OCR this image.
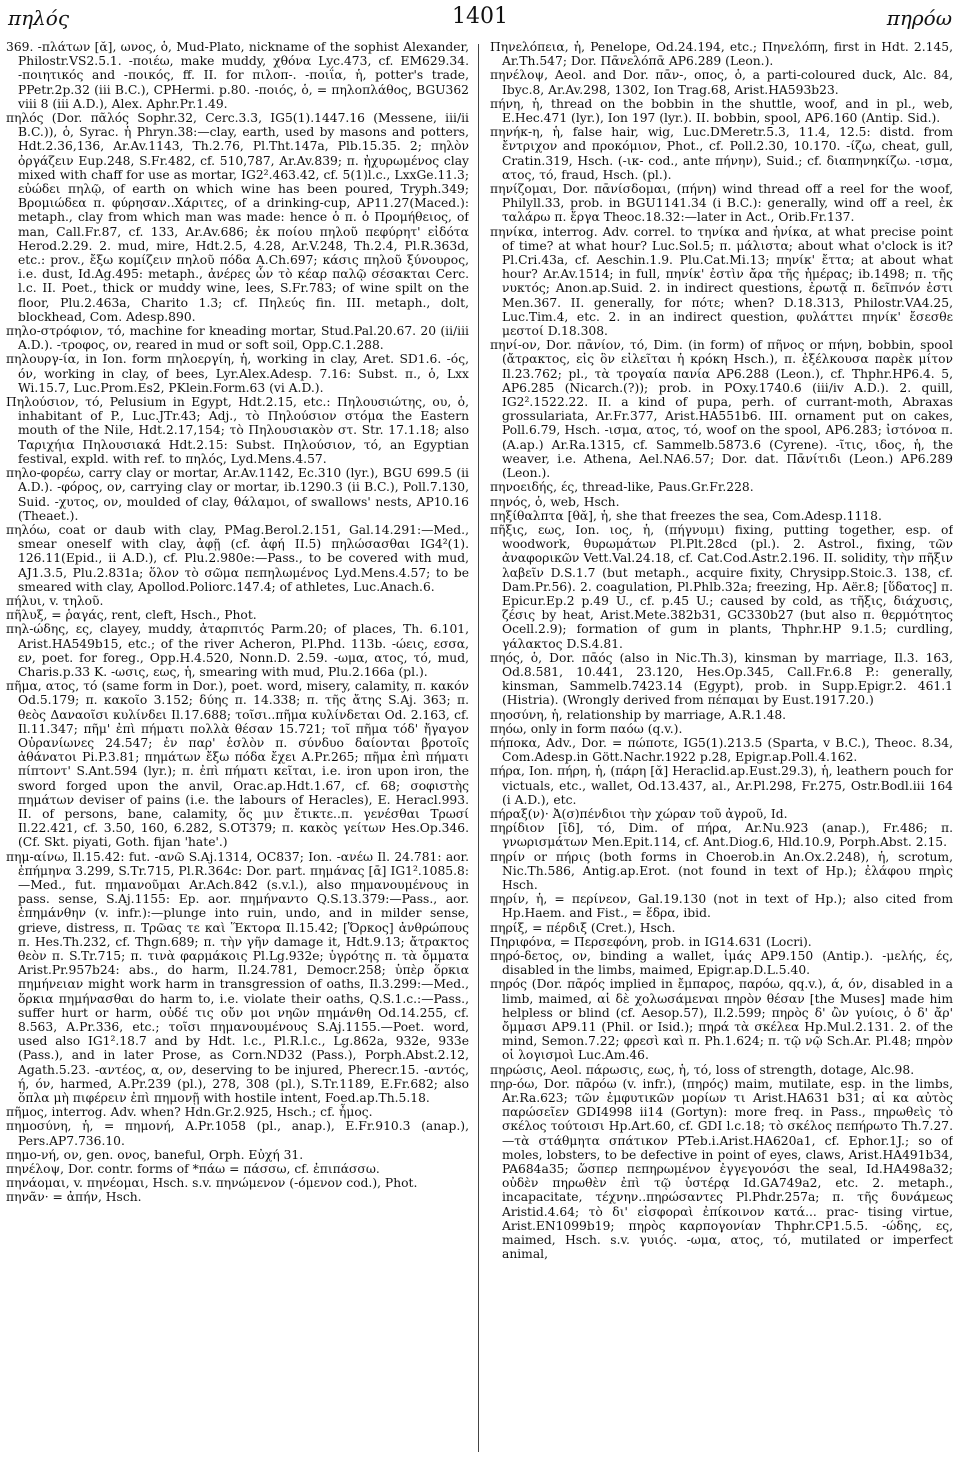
πηλός	1401	πηρόω

369. -πλάτων [ᾰ], ωνος, ὁ, Mud-Plato, nickname of the sophist Alexander, Philostr.VS2.5.1. -ποιέω, make muddy, χθόνα Lyc.473, cf. EM629.34. -ποιητικός and -ποικός, ff. II. for πιλοπ-. -ποιΐα, ἡ, potter's trade, PPetr.2p.32 (iii B.C.), CPHermi. p.80. -ποιός, ὁ, = πηλοπλάθος, BGU362 viii 8 (iii A.D.), Alex. Aphr.Pr.1.49.

πηλός (Dor. πᾶλός Sophr.32, Cerc.3.3, IG5(1).1447.16 (Messene, iii/ii B.C.)), ὁ, Syrac. ἡ Phryn.38:—clay, earth, used by masons and potters, Hdt.2.36,136, Ar.Av.1143, Th.2.76, Pl.Tht.147a, Plb.15.35. 2; πηλὸν ὀργάζειν Eup.248, S.Fr.482, cf. 510,787, Ar.Av.839; π. ἠχυρωμένος clay mixed with chaff for use as mortar, IG2².463.42, cf. 5(1)l.c., LxxGe.11.3; εὐώδει πηλῷ, of earth on which wine has been poured, Tryph.349; Βρομιώδεα π. φύρησαν..Χάριτες, of a drinking-cup, AP11.27(Maced.): metaph., clay from which man was made: hence ὁ π. ὁ Προμήθειος, of man, Call.Fr.87, cf. 133, Ar.Av.686; ἐκ ποίου πηλοῦ πεφύρητ' εἰδότα Herod.2.29. 2. mud, mire, Hdt.2.5, 4.28, Ar.V.248, Th.2.4, Pl.R.363d, etc.: prov., ἔξω κομίζειν πηλοῦ πόδα A.Ch.697; κάσις πηλοῦ ξύνουρος, i.e. dust, Id.Ag.495: metaph., ἀνέρες ὧν τὸ κέαρ παλῷ σέσακται Cerc. l.c. II. Poet., thick or muddy wine, lees, S.Fr.783; of wine spilt on the floor, Plu.2.463a, Charito 1.3; cf. Πηλεύς fin. III. metaph., dolt, blockhead, Com. Adesp.890.

πηλο-στρόφιον, τό, machine for kneading mortar, Stud.Pal.20.67. 20 (ii/iii A.D.). -τροφος, ον, reared in mud or soft soil, Opp.C.1.288.

πηλουργ-ία, in Ion. form πηλοεργίη, ἡ, working in clay, Aret. SD1.6. -ός, όν, working in clay, of bees, Lyr.Alex.Adesp. 7.16: Subst. π., ὁ, Lxx Wi.15.7, Luc.Prom.Es2, PKlein.Form.63 (vi A.D.).

Πηλούσιον, τό, Pelusium in Egypt, Hdt.2.15, etc.: Πηλουσιώτης, ου, ὁ, inhabitant of P., Luc.JTr.43; Adj., τὸ Πηλούσιον στόμα the Eastern mouth of the Nile, Hdt.2.17,154; τὸ Πηλουσιακὸν στ. Str. 17.1.18; also Ταριχήια Πηλουσιακά Hdt.2.15: Subst. Πηλούσιον, τό, an Egyptian festival, expld. with ref. to πηλός, Lyd.Mens.4.57.

πηλο-φορέω, carry clay or mortar, Ar.Av.1142, Ec.310 (lyr.), BGU 699.5 (ii A.D.). -φόρος, ον, carrying clay or mortar, ib.1290.3 (ii B.C.), Poll.7.130, Suid. -χυτος, ον, moulded of clay, θάλαμοι, of swallows' nests, AP10.16 (Theaet.).

πηλόω, coat or daub with clay, PMag.Berol.2.151, Gal.14.291:—Med., smear oneself with clay, ἀφῇ (cf. ἀφή II.5) πηλώσασθαι IG4²(1). 126.11(Epid., ii A.D.), cf. Plu.2.980e:—Pass., to be covered with mud, AJ1.3.5, Plu.2.831a; ὅλον τὸ σῶμα πεπηλωμένος Lyd.Mens.4.57; to be smeared with clay, Apollod.Poliorc.147.4; of athletes, Luc.Anach.6.

πήλυι, v. τηλοῦ.

πῆλυξ, = ῥαγάς, rent, cleft, Hsch., Phot.

πηλ-ώδης, ες, clayey, muddy, ἀταρπιτός Parm.20; of places, Th. 6.101, Arist.HA549b15, etc.; of the river Acheron, Pl.Phd. 113b. -ώεις, εσσα, εν, poet. for foreg., Opp.H.4.520, Nonn.D. 2.59. -ωμα, ατος, τό, mud, Charis.p.33 K. -ωσις, εως, ἡ, smearing with mud, Plu.2.166a (pl.).

πῆμα, ατος, τό (same form in Dor.), poet. word, misery, calamity, π. κακόν Od.5.179; π. κακοῖο 3.152; δύης π. 14.338; π. τῆς ἄτης S.Aj. 363; π. θεὸς Δαναοῖσι κυλίνδει Il.17.688; τοῖσι..πῆμα κυλίνδεται Od. 2.163, cf. Il.11.347; πῆμ' ἐπὶ πήματι πολλὰ θέσαν 15.721; τοῖ πῆμα τόδ' ἤγαγον Οὐρανίωνες 24.547; ἐν παρ' ἑσλὸν π. σύνδυο δαίονται βροτοῖς ἀθάνατοι Pi.P.3.81; πημάτων ἔξω πόδα ἔχει A.Pr.265; πῆμα ἐπὶ πήματι πίπτοντ' S.Ant.594 (lyr.); π. ἐπὶ πήματι κεῖται, i.e. iron upon iron, the sword forged upon the anvil, Orac.ap.Hdt.1.67, cf. 68; σοφιστὴς πημάτων deviser of pains (i.e. the labours of Heracles), E. Heracl.993. II. of persons, bane, calamity, ὅς μιν ἔτικτε..π. γενέσθαι Τρωσί Il.22.421, cf. 3.50, 160, 6.282, S.OT379; π. κακὸς γείτων Hes.Op.346. (Cf. Skt. piyati, Goth. fijan 'hate'.)

πημ-αίνω, Il.15.42: fut. -ανῶ S.Aj.1314, OC837; Ion. -ανέω Il. 24.781: aor. ἐπήμηνα 3.299, S.Tr.715, Pl.R.364c: Dor. part. πημάνας [ᾱ] IG1².1085.8:—Med., fut. πημανοῦμαι Ar.Ach.842 (s.v.l.), also πημανουμένους in pass. sense, S.Aj.1155: Ep. aor. πημήναντο Q.S.13.379:—Pass., aor. ἐπημάνθην (v. infr.):—plunge into ruin, undo, and in milder sense, grieve, distress, π. Τρῶας τε καὶ Ἕκτορα Il.15.42; [Ὅρκος] ἀνθρώπους π. Hes.Th.232, cf. Thgn.689; π. τὴν γῆν damage it, Hdt.9.13; ἄτρακτος θεὸν π. S.Tr.715; π. τινὰ φαρμάκοις Pl.Lg.932e; ὑγρότης π. τὰ ὄμματα Arist.Pr.957b24: abs., do harm, Il.24.781, Democr.258; ὑπὲρ ὅρκια πημήνειαν might work harm in transgression of oaths, Il.3.299:—Med., ὅρκια πημήνασθαι do harm to, i.e. violate their oaths, Q.S.1.c.:—Pass., suffer hurt or harm, οὐδέ τις οὔν μοι νηῶν πημάνθη Od.14.255, cf. 8.563, A.Pr.336, etc.; τοῖσι πημανουμένους S.Aj.1155.—Poet. word, used also IG1².18.7 and by Hdt. l.c., Pl.R.l.c., Lg.862a, 932e, 933e (Pass.), and in later Prose, as Corn.ND32 (Pass.), Porph.Abst.2.12, Agath.5.23. -αντέος, α, ον, deserving to be injured, Pherecr.15. -αντός, ή, όν, harmed, A.Pr.239 (pl.), 278, 308 (pl.), S.Tr.1189, E.Fr.682; also ὅπλα μὴ πιφέρειν ἐπὶ πημονῇ with hostile intent, Foed.ap.Th.5.18.

πῆμος, interrog. Adv. when? Hdn.Gr.2.925, Hsch.; cf. ἦμος.

πημοσύνη, ἡ, = πημονή, A.Pr.1058 (pl., anap.), E.Fr.910.3 (anap.), Pers.AP7.736.10.

πημο-νή, ον, gen. ονος, baneful, Orph. Εὐχή 31.

πηνέλοψ, Dor. contr. forms of *πάω = πάσσω, cf. ἐπιπάσσω.

πηνάομαι, v. πηνέομαι, Hsch. s.v. πηνώμενον (-όμενον cod.), Phot.

πηνᾶν· = ἀπήν, Hsch.

Πηνελόπεια, ἡ, Penelope, Od.24.194, etc.; Πηνελόπη, first in Hdt. 2.145, Ar.Th.547; Dor. Πᾱνελόπᾱ AP6.289 (Leon.).

πηνέλοψ, Aeol. and Dor. πᾱν-, οπος, ὁ, a parti-coloured duck, Alc. 84, Ibyc.8, Ar.Av.298, 1302, Ion Trag.68, Arist.HA593b23.

πήνη, ἡ, thread on the bobbin in the shuttle, woof, and in pl., web, E.Hec.471 (lyr.), Ion 197 (lyr.). II. bobbin, spool, AP6.160 (Antip. Sid.).

πηνήκ-η, ἡ, false hair, wig, Luc.DMeretr.5.3, 11.4, 12.5: distd. from ἔντριχον and προκόμιον, Phot., cf. Poll.2.30, 10.170. -ίζω, cheat, gull, Cratin.319, Hsch. (-ικ- cod., ante πήνην), Suid.; cf. διαπηνηκίζω. -ισμα, ατος, τό, fraud, Hsch. (pl.).

πηνίζομαι, Dor. πᾱνίσδομαι, (πήνη) wind thread off a reel for the woof, Philyll.33, prob. in BGU1141.34 (i B.C.): generally, wind off a reel, ἐκ ταλάρω π. ἔργα Theoc.18.32:—later in Act., Orib.Fr.137.

πηνίκα, interrog. Adv. correl. to τηνίκα and ἡνίκα, at what precise point of time? at what hour? Luc.Sol.5; π. μάλιστα; about what o'clock is it? Pl.Cri.43a, cf. Aeschin.1.9. Plu.Cat.Mi.13; πηνίκ' ἔττα; at about what hour? Ar.Av.1514; in full, πηνίκ' ἐστὶν ἄρα τῆς ἡμέρας; ib.1498; π. τῆς νυκτός; Anon.ap.Suid. 2. in indirect questions, ἐρωτᾷ π. δεῖπνόν ἐστι Men.367. II. generally, for πότε; when? D.18.313, Philostr.VA4.25, Luc.Tim.4, etc. 2. in an indirect question, φυλάττει πηνίκ' ἔσεσθε μεστοί D.18.308.

πηνί-ον, Dor. πᾱνίον, τό, Dim. (in form) of πῆνος or πήνη, bobbin, spool (ἄτρακτος, εἰς ὃν εἰλεῖται ἡ κρόκη Hsch.), π. ἐξέλκουσα παρὲκ μίτον Il.23.762; pl., τὰ τρογαία πανία AP6.288 (Leon.), cf. Thphr.HP6.4. 5, AP6.285 (Nicarch.(?)); prob. in POxy.1740.6 (iii/iv A.D.). 2. quill, IG2².1522.22. II. a kind of pupa, perh. of currant-moth, Abraxas grossulariata, Ar.Fr.377, Arist.HA551b6. III. ornament put on cakes, Poll.6.79, Hsch. -ισμα, ατος, τό, woof on the spool, AP6.283; ἰστόνοα π. (A.ap.) Ar.Ra.1315, cf. Sammelb.5873.6 (Cyrene). -ῖτις, ιδος, ἡ, the weaver, i.e. Athena, Ael.NA6.57; Dor. dat. Πᾱνίτιδι (Leon.) AP6.289 (Leon.).

πηνοειδής, ές, thread-like, Paus.Gr.Fr.228.

πηνός, ὁ, web, Hsch.

πηξίθαλπτα [θᾰ], ἡ, she that freezes the sea, Com.Adesp.1118.

πῆξις, εως, Ion. ιος, ἡ, (πήγνυμι) fixing, putting together, esp. of woodwork, θυρωμάτων Pl.Plt.28cd (pl.). 2. Astrol., fixing, τῶν ἀναφορικῶν Vett.Val.24.18, cf. Cat.Cod.Astr.2.196. II. solidity, τὴν πῆξιν λαβεῖν D.S.1.7 (but metaph., acquire fixity, Chrysipp.Stoic.3. 138, cf. Dam.Pr.56). 2. coagulation, Pl.Phlb.32a; freezing, Hp. Aër.8; [ὕδατος] π. Epicur.Ep.2 p.49 U., cf. p.45 U.; caused by cold, as τῆξις, διάχυσις, ζέσις by heat, Arist.Mete.382b31, GC330b27 (but also π. θερμότητος Ocell.2.9); formation of gum in plants, Thphr.HP 9.1.5; curdling, γάλακτος D.S.4.81.

πηός, ὁ, Dor. πᾱός (also in Nic.Th.3), kinsman by marriage, Il.3. 163, Od.8.581, 10.441, 23.120, Hes.Op.345, Call.Fr.6.8 P.: generally, kinsman, Sammelb.7423.14 (Egypt), prob. in Supp.Epigr.2. 461.1 (Histria). (Wrongly derived from πέπαμαι by Eust.1917.20.)

πηοσύνη, ἡ, relationship by marriage, A.R.1.48.

πηόω, only in form παόω (q.v.).

πήποκα, Adv., Dor. = πώποτε, IG5(1).213.5 (Sparta, v B.C.), Theoc. 8.34, Com.Adesp.in Gött.Nachr.1922 p.28, Epigr.ap.Poll.4.162.

πήρα, Ion. πήρη, ἡ, (πάρη [ᾰ] Heraclid.ap.Eust.29.3), ἡ, leathern pouch for victuals, etc., wallet, Od.13.437, al., Ar.Pl.298, Fr.275, Ostr.Bodl.iii 164 (i A.D.), etc.

πήραξ(ν)· Ἀ(σ)πένδιοι τὴν χώραν τοῦ ἀγροῦ, Id.

πηρίδιον [ῑδ], τό, Dim. of πήρα, Ar.Nu.923 (anap.), Fr.486; π. γνωρισμάτων Men.Epit.114, cf. Ant.Diog.6, Hld.10.9, Porph.Abst. 2.15.

πηρίν or πήρις (both forms in Choerob.in An.Ox.2.248), ἡ, scrotum, Nic.Th.586, Antig.ap.Erot. (not found in text of Hp.); ἐλάφου πηρὶς Hsch.

πηρίν, ἡ, = περίνεον, Gal.19.130 (not in text of Hp.); also cited from Hp.Haem. and Fist., = ἕδρα, ibid.

πηρίξ, = πέρδιξ (Cret.), Hsch.

Πηριφόνα, = Περσεφόνη, prob. in IG14.631 (Locri).

πηρό-δετος, ον, binding a wallet, ἱμάς AP9.150 (Antip.). -μελής, ές, disabled in the limbs, maimed, Epigr.ap.D.L.5.40.

πηρός (Dor. πᾱρός implied in ἔμπαρος, παρόω, qq.v.), ά, όν, disabled in a limb, maimed, αἱ δὲ χολωσάμεναι πηρὸν θέσαν [the Muses] made him helpless or blind (cf. Aesop.57), Il.2.599; πηρὸς δ' ὢν γυίοις, ὁ δ' ἄρ' ὄμμασι AP9.11 (Phil. or Isid.); πηρά τὰ σκέλεα Hp.Mul.2.131. 2. of the mind, Semon.7.22; φρεσὶ καὶ π. Ph.1.624; π. τῷ νῷ Sch.Ar. Pl.48; πηρὸν οἱ λογισμοὶ Luc.Am.46.

πηρώσις, Aeol. πάρωσις, εως, ἡ, τό, loss of strength, dotage, Alc.98.

πηρ-όω, Dor. πᾱρόω (v. infr.), (πηρός) maim, mutilate, esp. in the limbs, Ar.Ra.623; τῶν ἐμφυτικῶν μορίων τι Arist.HA631 b31; αἱ κα αὐτὸς παρώσεῖεν GDI4998 ii14 (Gortyn): more freq. in Pass., πηρωθεὶς τὸ σκέλος τούτοισι Hp.Art.60, cf. GDI l.c.18; τὸ σκέλος πεπήρωτο Th.7.27.—τὰ στάθμητα σπάτικον PTeb.i.Arist.HA620a1, cf. Ephor.1J.; so of moles, lobsters, to be defective in point of eyes, claws, Arist.HA491b34, PA684a35; ὥσπερ πεπηρωμένον ἐγγεγονόσι the seal, Id.HA498a32; οὐδὲν πηρωθὲν ἐπὶ τῷ ὑστέρᾳ Id.GA749a2, etc. 2. metaph., incapacitate, τέχνην..πηρώσαντες Pl.Phdr.257a; π. τῆς δυνάμεως Aristid.4.64; τὸ δι' εἰσφοραὶ ἐπίκοινον κατά... prac- tising virtue, Arist.EN1099b19; πηρὸς καρπογονίαν Thphr.CP1.5.5. -ώδης, ες, maimed, Hsch. s.v. γυιός. -ωμα, ατος, τό, mutilated or imperfect animal,
